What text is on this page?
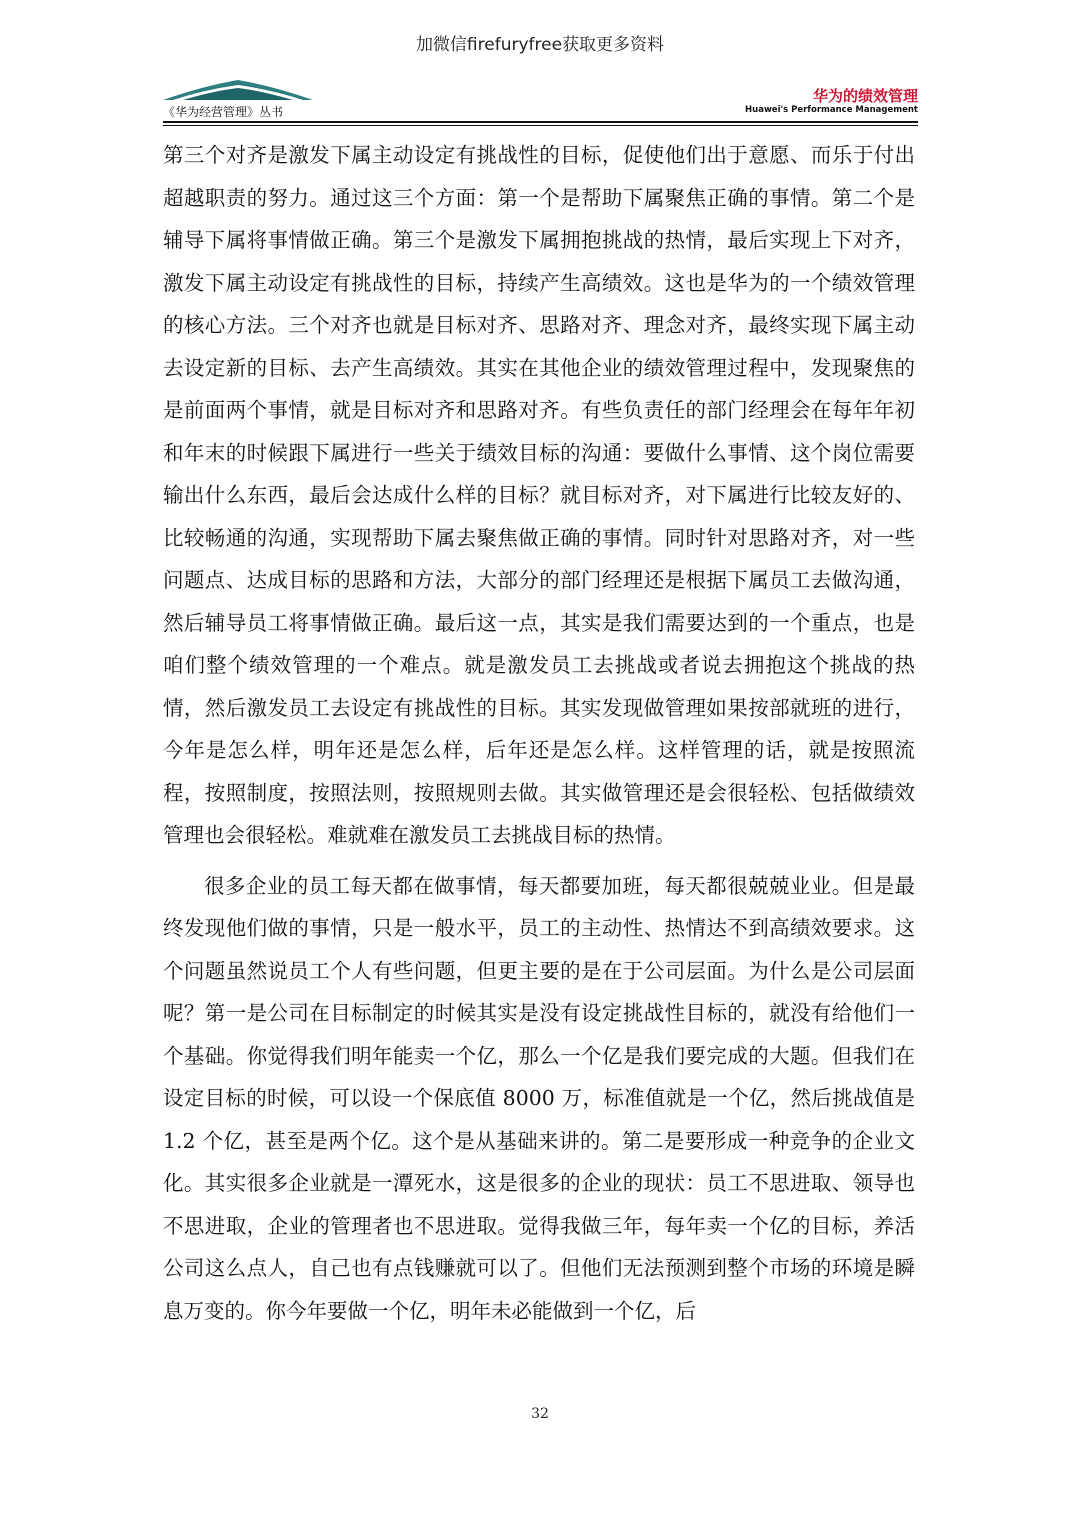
加微信firefuryfree获取更多资料
《华为经营管理》丛书
华为的绩效管理
Huawei's Performance Management

第三个对齐是激发下属主动设定有挑战性的目标，促使他们出于意愿、而乐于付出超越职责的努力。通过这三个方面：第一个是帮助下属聚焦正确的事情。第二个是辅导下属将事情做正确。第三个是激发下属拥抱挑战的热情，最后实现上下对齐，激发下属主动设定有挑战性的目标，持续产生高绩效。这也是华为的一个绩效管理的核心方法。三个对齐也就是目标对齐、思路对齐、理念对齐，最终实现下属主动去设定新的目标、去产生高绩效。其实在其他企业的绩效管理过程中，发现聚焦的是前面两个事情，就是目标对齐和思路对齐。有些负责任的部门经理会在每年年初和年末的时候跟下属进行一些关于绩效目标的沟通：要做什么事情、这个岗位需要输出什么东西，最后会达成什么样的目标？就目标对齐，对下属进行比较友好的、比较畅通的沟通，实现帮助下属去聚焦做正确的事情。同时针对思路对齐，对一些问题点、达成目标的思路和方法，大部分的部门经理还是根据下属员工去做沟通，然后辅导员工将事情做正确。最后这一点，其实是我们需要达到的一个重点，也是咱们整个绩效管理的一个难点。就是激发员工去挑战或者说去拥抱这个挑战的热情，然后激发员工去设定有挑战性的目标。其实发现做管理如果按部就班的进行，今年是怎么样，明年还是怎么样，后年还是怎么样。这样管理的话，就是按照流程，按照制度，按照法则，按照规则去做。其实做管理还是会很轻松、包括做绩效管理也会很轻松。难就难在激发员工去挑战目标的热情。

很多企业的员工每天都在做事情，每天都要加班，每天都很兢兢业业。但是最终发现他们做的事情，只是一般水平，员工的主动性、热情达不到高绩效要求。这个问题虽然说员工个人有些问题，但更主要的是在于公司层面。为什么是公司层面呢？第一是公司在目标制定的时候其实是没有设定挑战性目标的，就没有给他们一个基础。你觉得我们明年能卖一个亿，那么一个亿是我们要完成的大题。但我们在设定目标的时候，可以设一个保底值 8000 万，标准值就是一个亿，然后挑战值是 1.2 个亿，甚至是两个亿。这个是从基础来讲的。第二是要形成一种竞争的企业文化。其实很多企业就是一潭死水，这是很多的企业的现状：员工不思进取、领导也不思进取，企业的管理者也不思进取。觉得我做三年，每年卖一个亿的目标，养活公司这么点人，自己也有点钱赚就可以了。但他们无法预测到整个市场的环境是瞬息万变的。你今年要做一个亿，明年未必能做到一个亿，后

32
